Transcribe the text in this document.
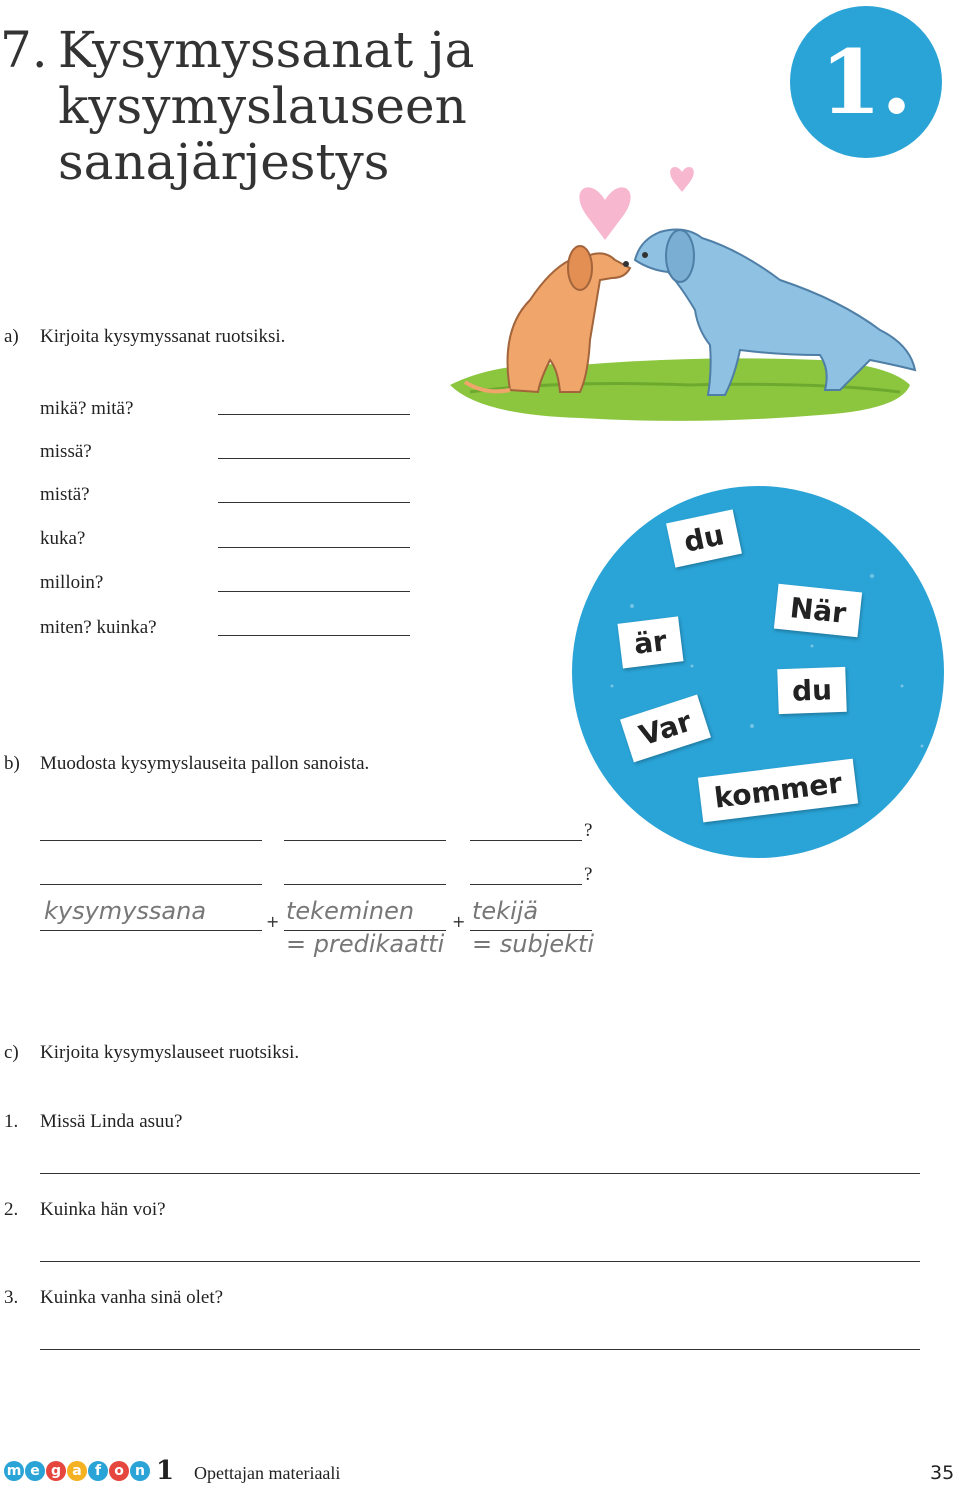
7. Kysymyssanat ja
kysymyslauseen
sanajärjestys
1.
a) Kirjoita kysymyssanat ruotsiksi.
mikä? mitä?
missä?
mistä?
kuka?
milloin?
miten? kuinka?
du
När
är
du
Var
kommer
b) Muodosta kysymyslauseita pallon sanoista.
?
?
kysymyssana	+ tekeminen
= predikaatti
+ tekijä
= subjekti
c) Kirjoita kysymyslauseet ruotsiksi.
1. Missä Linda asuu?
2. Kuinka hän voi?
3. Kuinka vanha sinä olet?
m e g a f o n 1 Opettajan materiaali	35
